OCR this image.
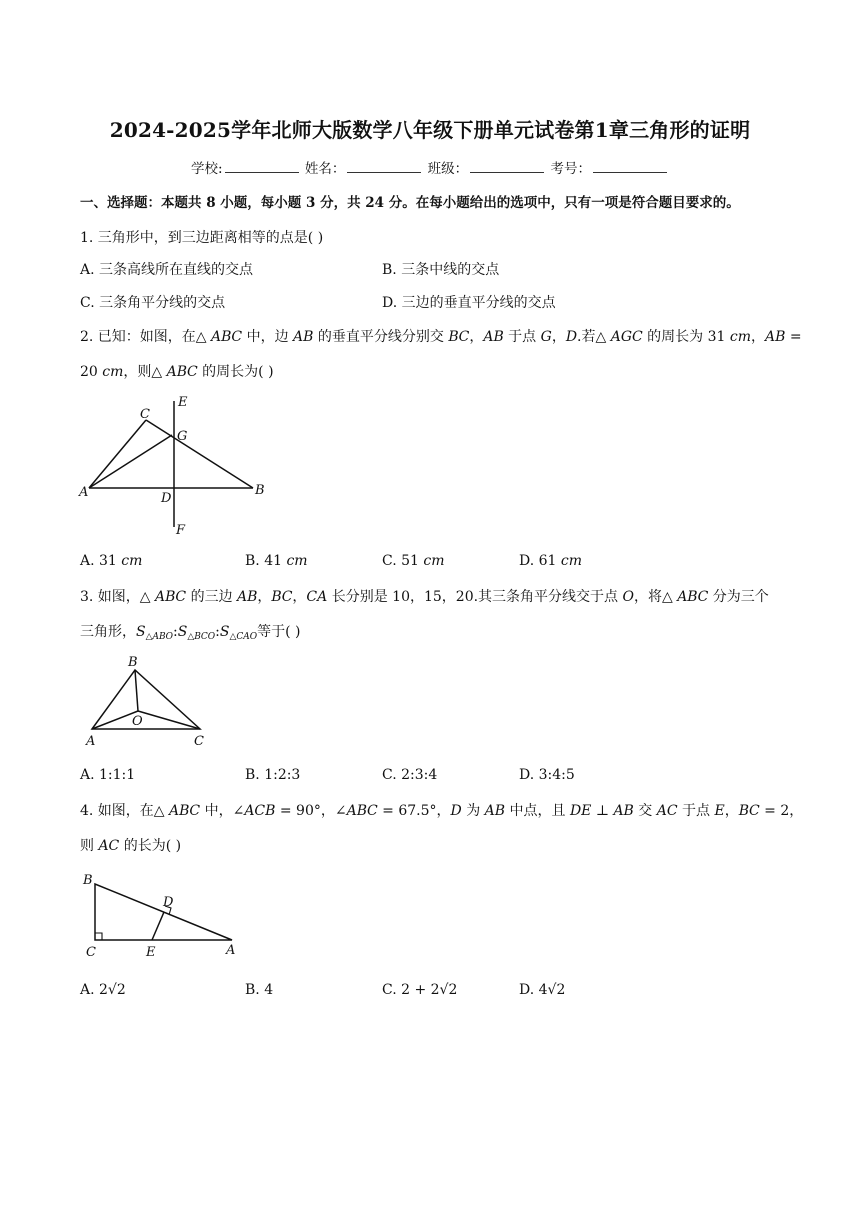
2024-2025学年北师大版数学八年级下册单元试卷第1章三角形的证明
学校:	姓名：	班级：	考号：
一、选择题：本题共 8 小题，每小题 3 分，共 24 分。在每小题给出的选项中，只有一项是符合题目要求的。
1. 三角形中，到三边距离相等的点是( )
A. 三条高线所在直线的交点	B. 三条中线的交点
C. 三条角平分线的交点	D. 三边的垂直平分线的交点
2. 已知：如图，在△ 𝐴𝐵𝐶 中，边 𝐴𝐵 的垂直平分线分别交 𝐵𝐶，𝐴𝐵 于点 𝐺，𝐷.若△ 𝐴𝐺𝐶 的周长为 31 𝑐𝑚，𝐴𝐵 =
20 𝑐𝑚，则△ 𝐴𝐵𝐶 的周长为( )
C
E
G
A	D
B
F
A. 31 𝑐𝑚	B. 41 𝑐𝑚	C. 51 𝑐𝑚	D. 61 𝑐𝑚
3. 如图，△ 𝐴𝐵𝐶 的三边 𝐴𝐵，𝐵𝐶，𝐶𝐴 长分别是 10，15，20.其三条角平分线交于点 𝑂，将△ 𝐴𝐵𝐶 分为三个
三角形，𝑆$_{\triangle 𝐴𝐵𝑂}$:𝑆$_{\triangle 𝐵𝐶𝑂}$:𝑆$_{\triangle 𝐶𝐴𝑂}$等于( )
B
O
A	C
A. 1:1:1	B. 1:2:3	C. 2:3:4	D. 3:4:5
4. 如图，在△ 𝐴𝐵𝐶 中，∠𝐴𝐶𝐵 = 90°，∠𝐴𝐵𝐶 = 67.5°，𝐷 为 𝐴𝐵 中点，且 𝐷𝐸 ⊥ 𝐴𝐵 交 𝐴𝐶 于点 𝐸，𝐵𝐶 = 2，
则 𝐴𝐶 的长为( )
B
D
C	E	A
A. 2√2	B. 4	C. 2 + 2√2	D. 4√2
